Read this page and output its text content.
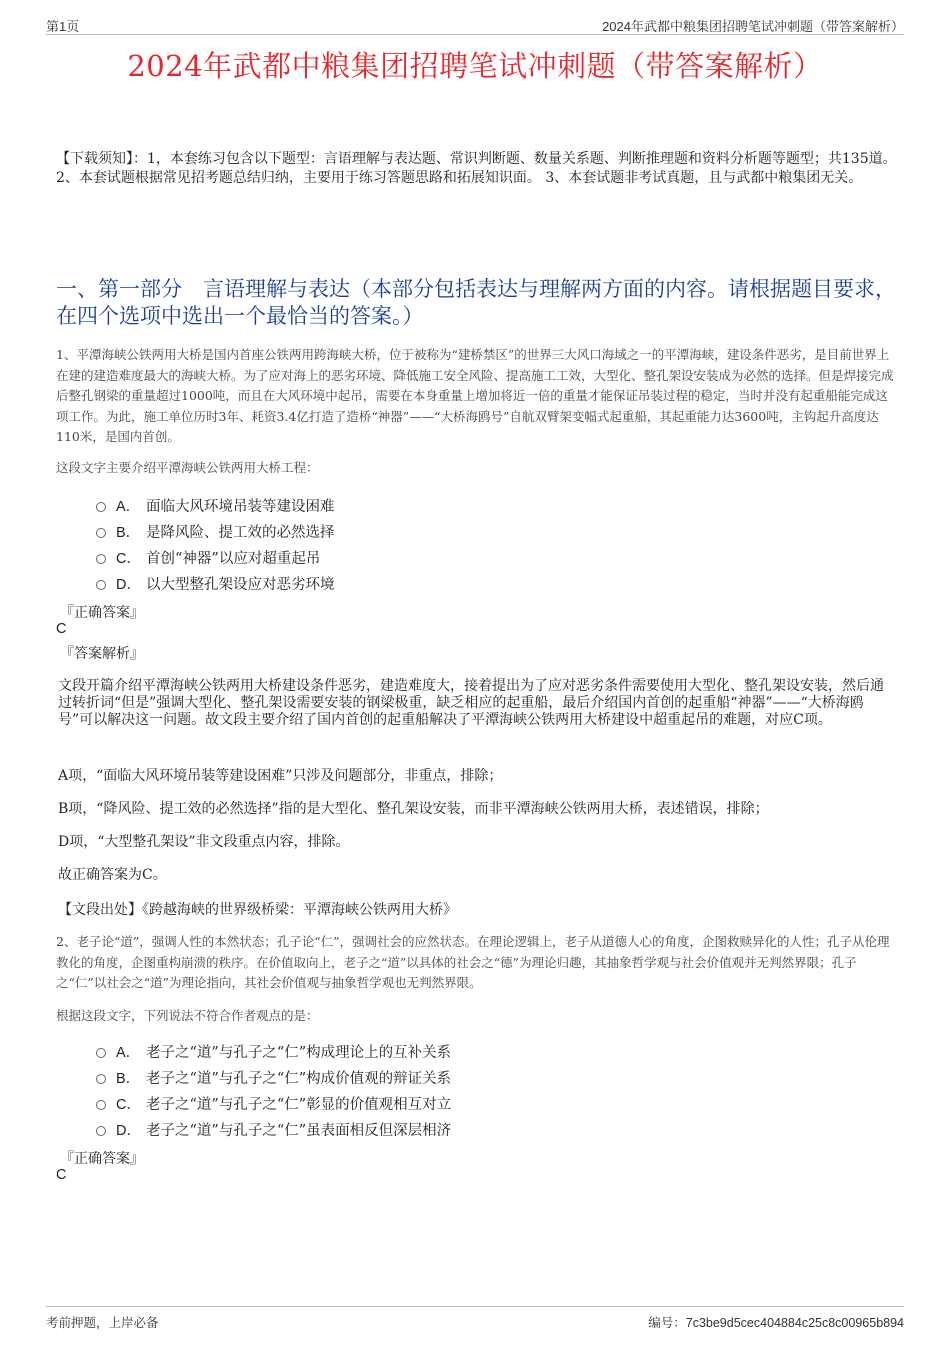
第1页	2024年武都中粮集团招聘笔试冲刺题（带答案解析）
2024年武都中粮集团招聘笔试冲刺题（带答案解析）
【下载须知】：1，本套练习包含以下题型：言语理解与表达题、常识判断题、数量关系题、判断推理题和资料分析题等题型；共135道。 2、本套试题根据常见招考题总结归纳，主要用于练习答题思路和拓展知识面。 3、本套试题非考试真题，且与武都中粮集团无关。
一、第一部分　言语理解与表达（本部分包括表达与理解两方面的内容。请根据题目要求，在四个选项中选出一个最恰当的答案。）
1、平潭海峡公铁两用大桥是国内首座公铁两用跨海峡大桥，位于被称为“建桥禁区”的世界三大风口海域之一的平潭海峡，建设条件恶劣，是目前世界上在建的建造难度最大的海峡大桥。为了应对海上的恶劣环境、降低施工安全风险、提高施工工效，大型化、整孔架设安装成为必然的选择。但是焊接完成后整孔钢梁的重量超过1000吨，而且在大风环境中起吊，需要在本身重量上增加将近一倍的重量才能保证吊装过程的稳定，当时并没有起重船能完成这项工作。为此，施工单位历时3年、耗资3.4亿打造了造桥“神器”——“大桥海鸥号”自航双臂架变幅式起重船，其起重能力达3600吨，主钩起升高度达110米，是国内首创。
这段文字主要介绍平潭海峡公铁两用大桥工程：
A． 面临大风环境吊装等建设困难
B． 是降风险、提工效的必然选择
C． 首创“神器”以应对超重起吊
D． 以大型整孔架设应对恶劣环境
『正确答案』
C
『答案解析』
文段开篇介绍平潭海峡公铁两用大桥建设条件恶劣，建造难度大，接着提出为了应对恶劣条件需要使用大型化、整孔架设安装，然后通过转折词“但是”强调大型化、整孔架设需要安装的钢梁极重，缺乏相应的起重船，最后介绍国内首创的起重船“神器”——“大桥海鸥号”可以解决这一问题。故文段主要介绍了国内首创的起重船解决了平潭海峡公铁两用大桥建设中超重起吊的难题，对应C项。
A项，“面临大风环境吊装等建设困难”只涉及问题部分，非重点，排除；
B项，“降风险、提工效的必然选择”指的是大型化、整孔架设安装，而非平潭海峡公铁两用大桥，表述错误，排除；
D项，“大型整孔架设”非文段重点内容，排除。
故正确答案为C。
【文段出处】《跨越海峡的世界级桥梁：平潭海峡公铁两用大桥》
2、老子论“道”，强调人性的本然状态；孔子论“仁”，强调社会的应然状态。在理论逻辑上，老子从道德人心的角度，企图救赎异化的人性；孔子从伦理教化的角度，企图重构崩溃的秩序。在价值取向上，老子之“道”以具体的社会之“德”为理论归趣，其抽象哲学观与社会价值观并无判然界限；孔子之“仁”以社会之“道”为理论指向，其社会价值观与抽象哲学观也无判然界限。
根据这段文字，下列说法不符合作者观点的是：
A． 老子之“道”与孔子之“仁”构成理论上的互补关系
B． 老子之“道”与孔子之“仁”构成价值观的辩证关系
C． 老子之“道”与孔子之“仁”彰显的价值观相互对立
D． 老子之“道”与孔子之“仁”虽表面相反但深层相济
『正确答案』
C
考前押题，上岸必备	编号：7c3be9d5cec404884c25c8c00965b894
